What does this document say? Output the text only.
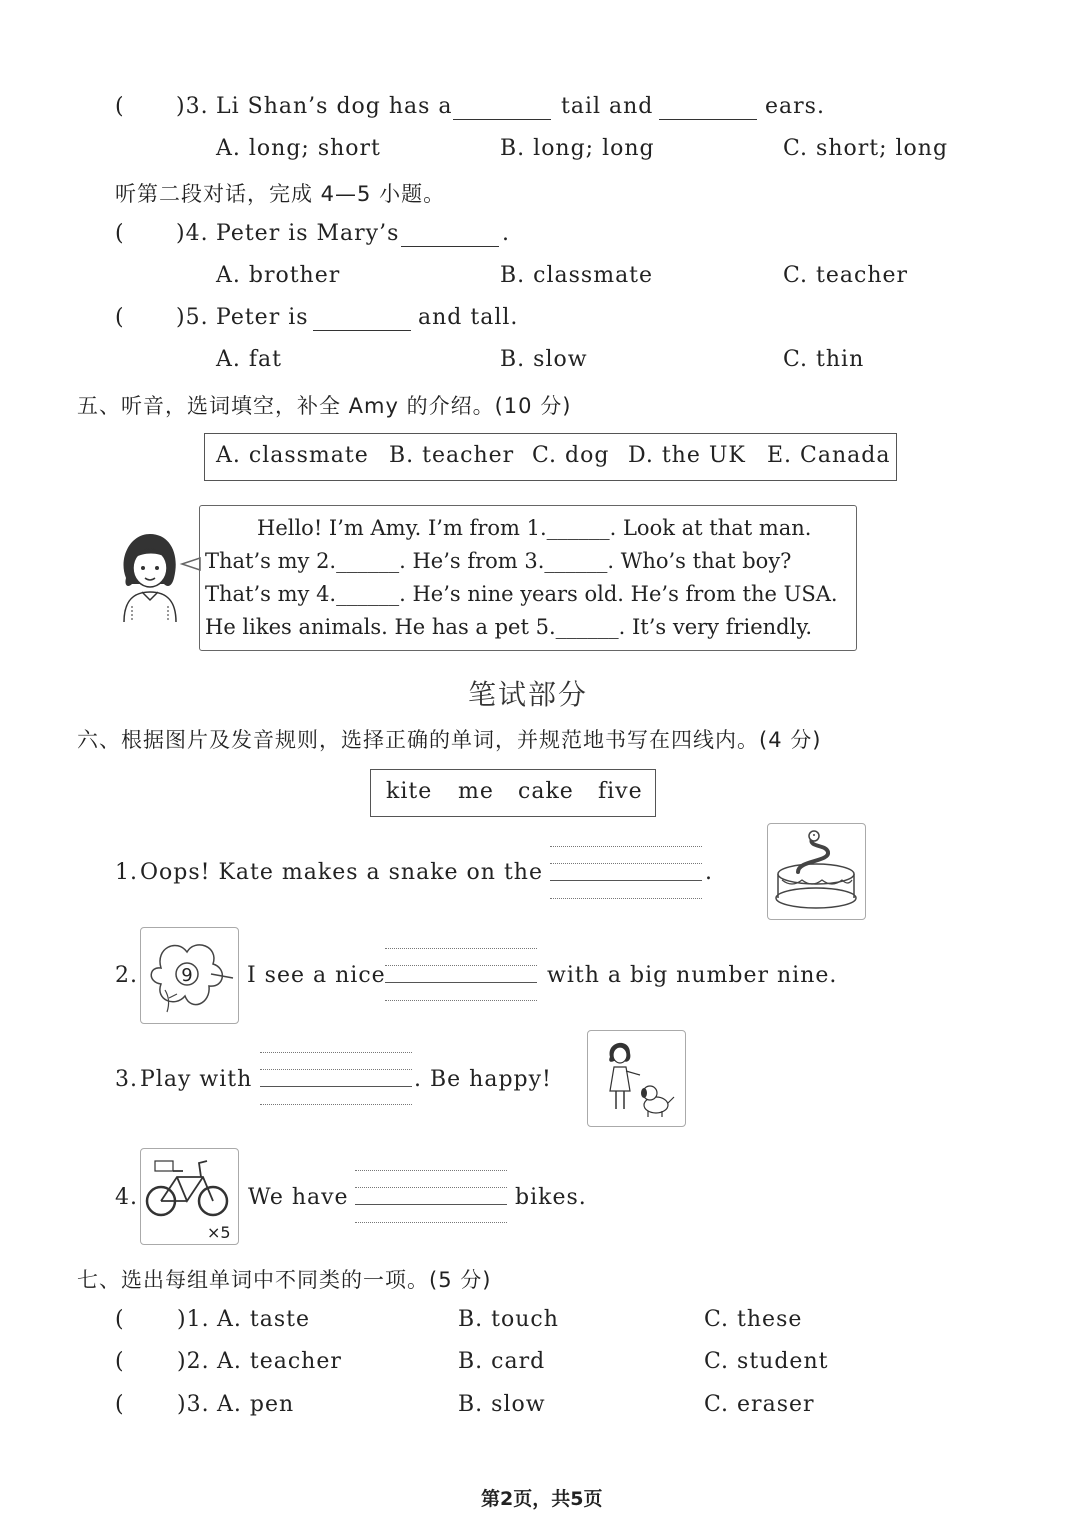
( )3. Li Shan’s dog has a	tail and	ears.
A. long; short	B. long; long	C. short; long
听第二段对话，完成 4—5 小题。
( )4. Peter is Mary’s	.
A. brother	B. classmate	C. teacher
( )5. Peter is	and tall.
A. fat	B. slow	C. thin
五、听音，选词填空，补全 Amy 的介绍。(10 分)
A. classmate B. teacher C. dog D. the UK E. Canada
Hello! I’m Amy. I’m from 1.______. Look at that man.
That’s my 2.______. He’s from 3.______. Who’s that boy?
That’s my 4.______. He’s nine years old. He’s from the USA.
He likes animals. He has a pet 5.______. It’s very friendly.
笔试部分
六、根据图片及发音规则，选择正确的单词，并规范地书写在四线内。(4 分)
kite me cake five
1. Oops! Kate makes a snake on the	.
2. 9 I see a nice	with a big number nine.
3. Play with	. Be happy!
4.
×5
We have	bikes.
七、选出每组单词中不同类的一项。(5 分)
( )1. A. taste	B. touch	C. these
( )2. A. teacher	B. card	C. student
( )3. A. pen	B. slow	C. eraser
第2页，共5页
